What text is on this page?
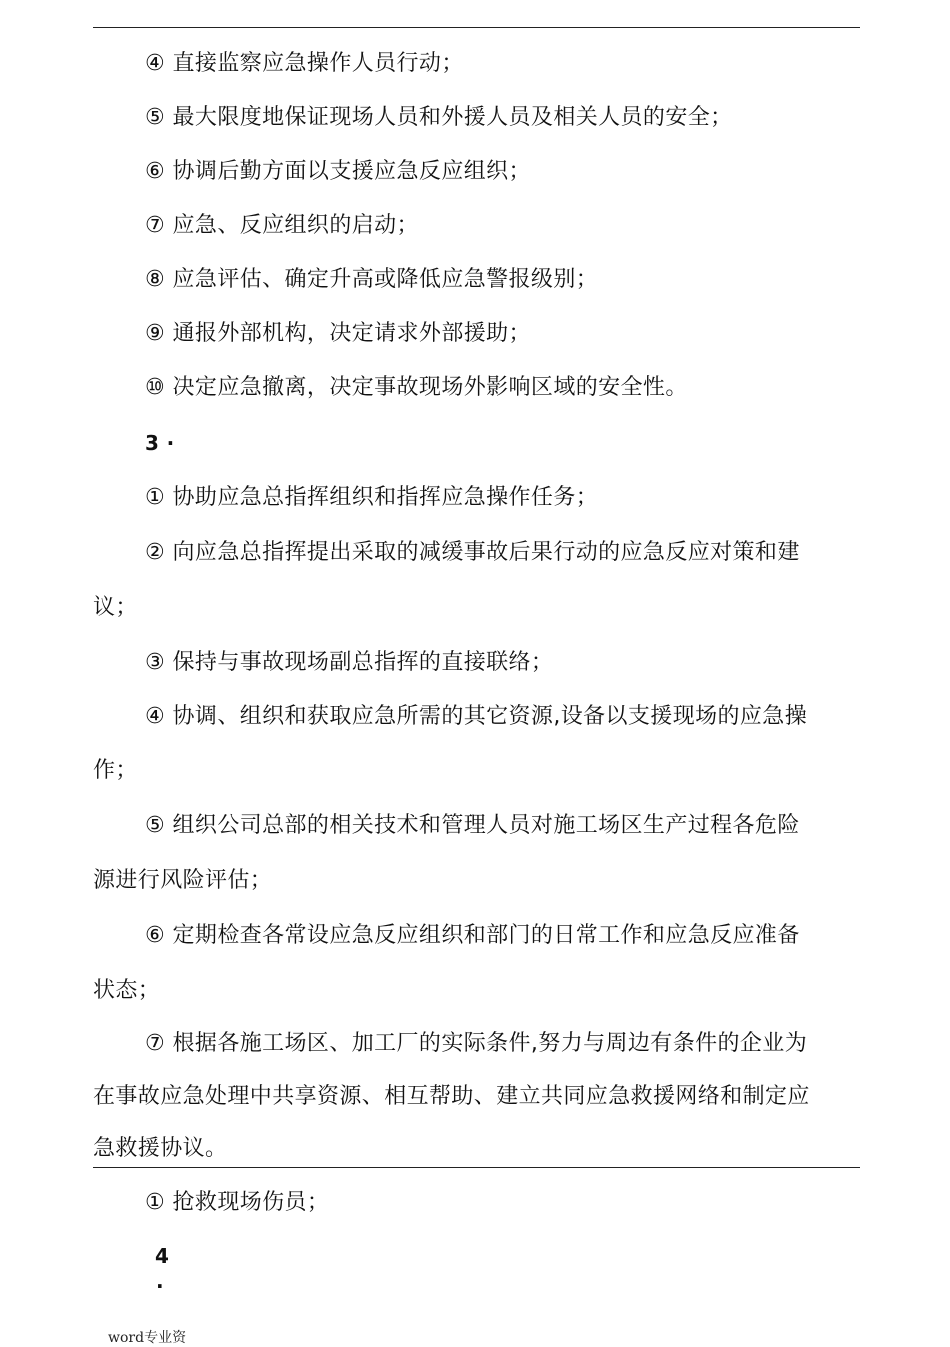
④ 直接监察应急操作人员行动；
⑤ 最大限度地保证现场人员和外援人员及相关人员的安全；
⑥ 协调后勤方面以支援应急反应组织；
⑦ 应急、反应组织的启动；
⑧ 应急评估、确定升高或降低应急警报级别；
⑨ 通报外部机构，决定请求外部援助；
⑩ 决定应急撤离，决定事故现场外影响区域的安全性。
3 ·
① 协助应急总指挥组织和指挥应急操作任务；
② 向应急总指挥提出采取的减缓事故后果行动的应急反应对策和建
议；
③ 保持与事故现场副总指挥的直接联络；
④ 协调、组织和获取应急所需的其它资源,设备以支援现场的应急操
作；
⑤ 组织公司总部的相关技术和管理人员对施工场区生产过程各危险
源进行风险评估；
⑥ 定期检查各常设应急反应组织和部门的日常工作和应急反应准备
状态；
⑦ 根据各施工场区、加工厂的实际条件,努力与周边有条件的企业为
在事故应急处理中共享资源、相互帮助、建立共同应急救援网络和制定应
急救援协议。
① 抢救现场伤员；
4
·
word专业资
